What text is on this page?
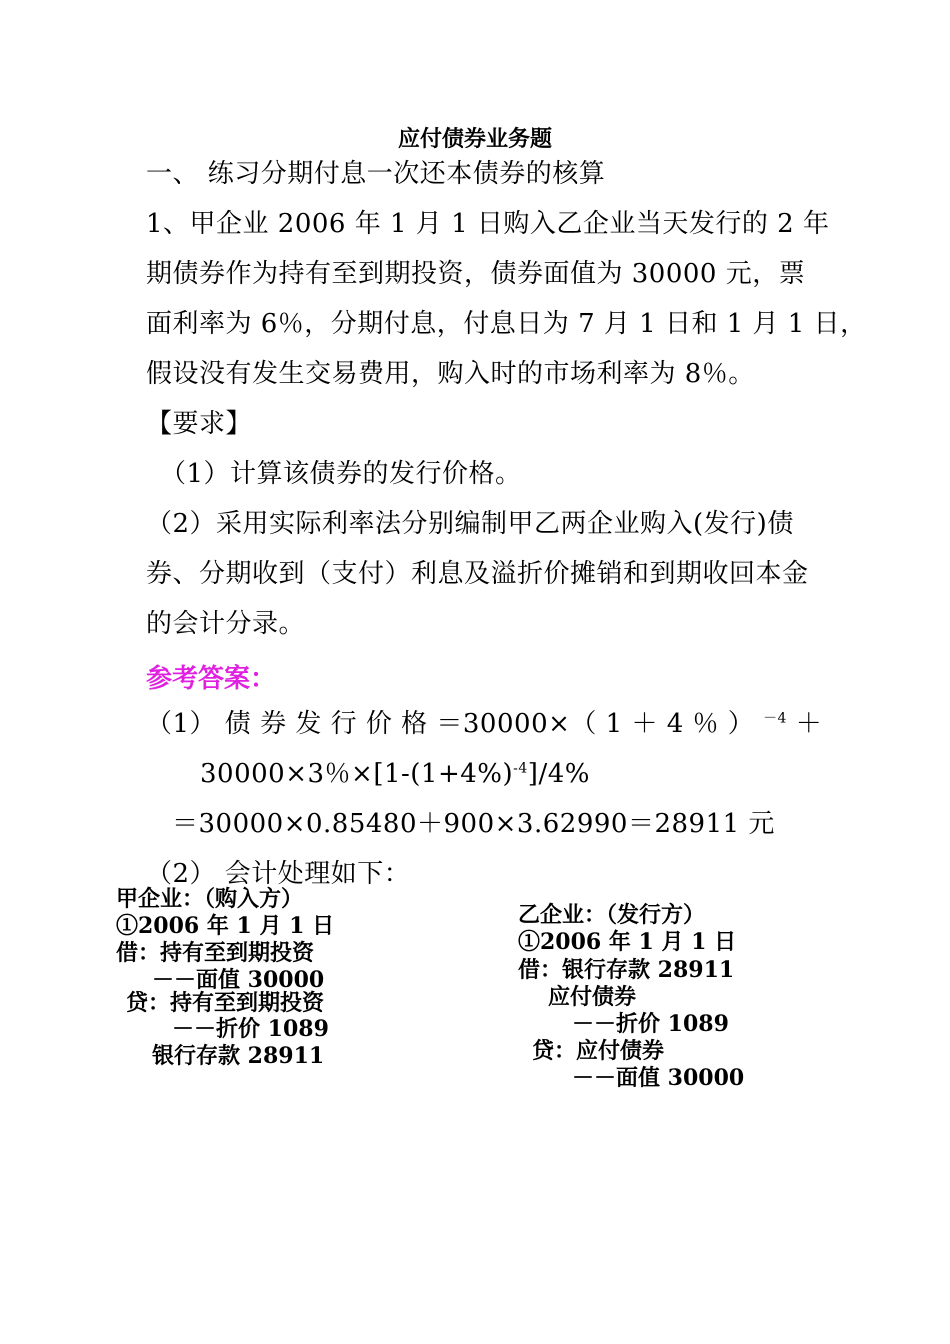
应付债券业务题
一、 练习分期付息一次还本债券的核算
1、甲企业 2006 年 1 月 1 日购入乙企业当天发行的 2 年
期债券作为持有至到期投资，债券面值为 30000 元，票
面利率为 6％，分期付息，付息日为 7 月 1 日和 1 月 1 日，
假设没有发生交易费用，购入时的市场利率为 8％。
【要求】
（1）计算该债券的发行价格。
（2）采用实际利率法分别编制甲乙两企业购入(发行)债
券、分期收到（支付）利息及溢折价摊销和到期收回本金
的会计分录。
参考答案：
（1） 债 券 发 行 价 格 ＝30000×（ 1 ＋ 4 ％ ） $^{-4}$ ＋
30000×3％$\times[1-(1+4\%)^{-4}]/4\%$
＝30000×0.85480＋900×3.62990＝28911 元
（2） 会计处理如下：
甲企业：（购入方）
①2006 年 1 月 1 日
借：持有至到期投资
－－面值 30000
贷：持有至到期投资
－－折价 1089
银行存款 28911
乙企业：（发行方）
①2006 年 1 月 1 日
借：银行存款 28911
应付债券
－－折价 1089
贷：应付债券
－－面值 30000
